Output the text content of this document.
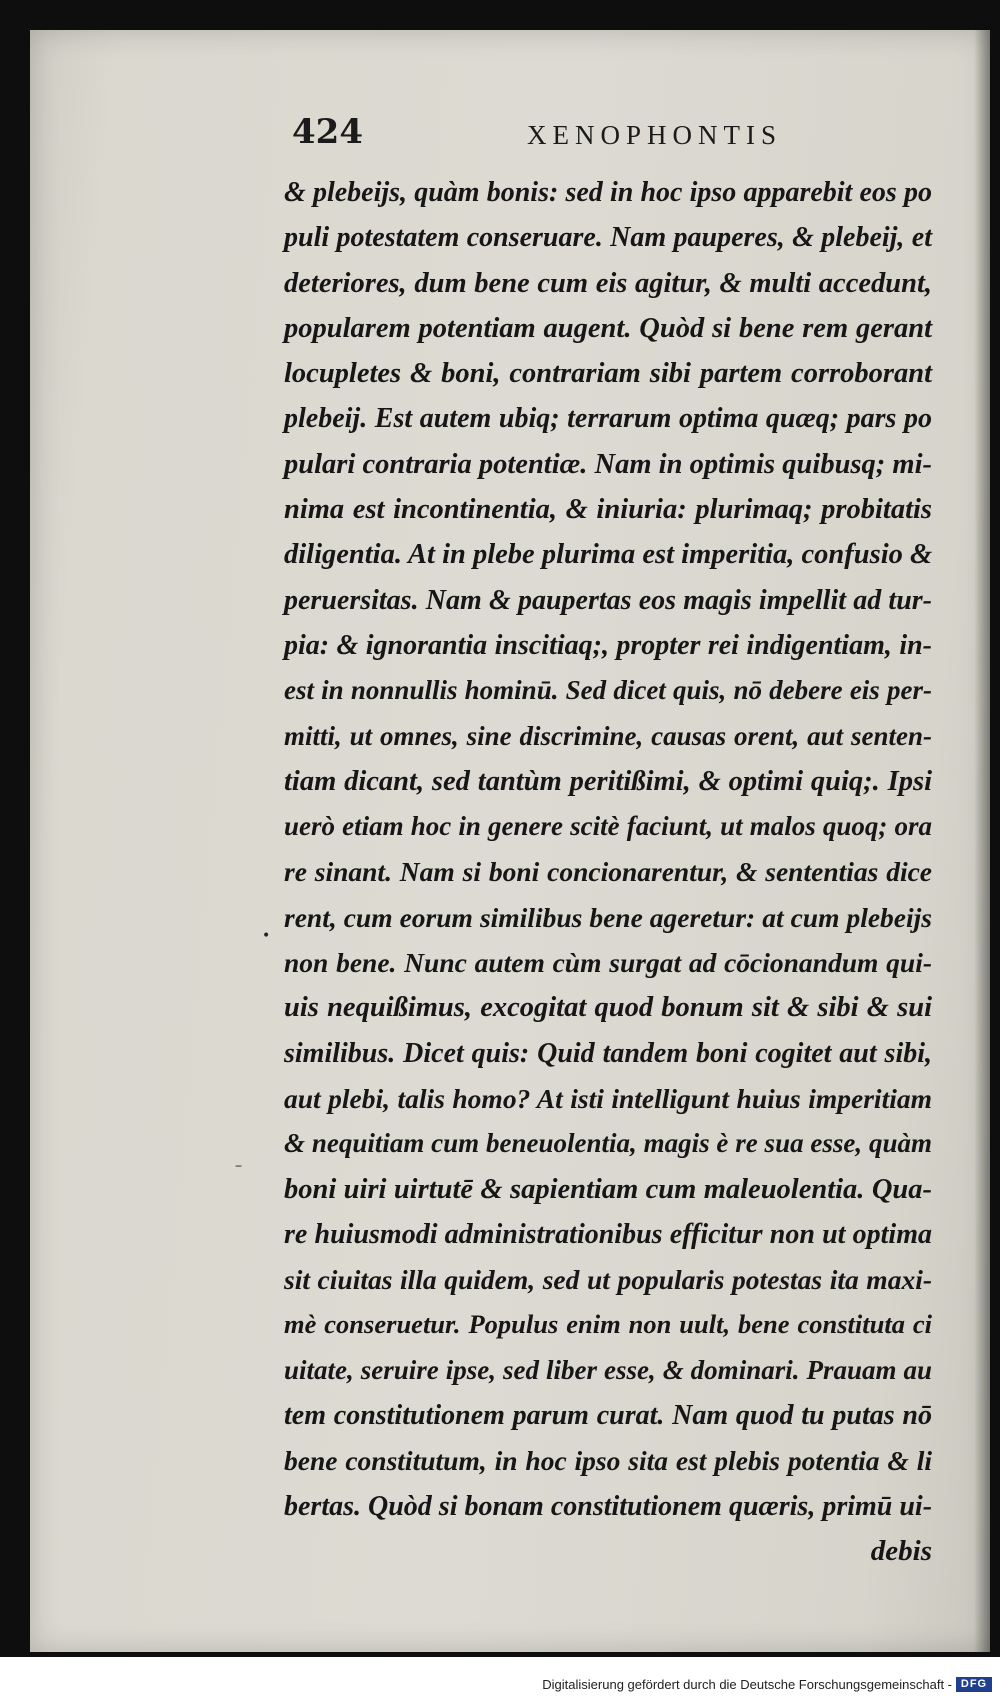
424	XENOPHONTIS
& plebeijs, quàm bonis: sed in hoc ipso apparebit eos po
puli potestatem conseruare. Nam pauperes, & plebeij, et
deteriores, dum bene cum eis agitur, & multi accedunt,
popularem potentiam augent. Quòd si bene rem gerant
locupletes & boni, contrariam sibi partem corroborant
plebeij. Est autem ubiq; terrarum optima quæq; pars po
pulari contraria potentiæ. Nam in optimis quibusq; mi-
nima est incontinentia, & iniuria: plurimaq; probitatis
diligentia. At in plebe plurima est imperitia, confusio &
peruersitas. Nam & paupertas eos magis impellit ad tur-
pia: & ignorantia inscitiaq;, propter rei indigentiam, in-
est in nonnullis hominū. Sed dicet quis, nō debere eis per-
mitti, ut omnes, sine discrimine, causas orent, aut senten-
tiam dicant, sed tantùm peritißimi, & optimi quiq;. Ipsi
uerò etiam hoc in genere scitè faciunt, ut malos quoq; ora
re sinant. Nam si boni concionarentur, & sententias dice
rent, cum eorum similibus bene ageretur: at cum plebeijs
non bene. Nunc autem cùm surgat ad cōcionandum qui-
uis nequißimus, excogitat quod bonum sit & sibi & sui
similibus. Dicet quis: Quid tandem boni cogitet aut sibi,
aut plebi, talis homo? At isti intelligunt huius imperitiam
& nequitiam cum beneuolentia, magis è re sua esse, quàm
boni uiri uirtutē & sapientiam cum maleuolentia. Qua-
re huiusmodi administrationibus efficitur non ut optima
sit ciuitas illa quidem, sed ut popularis potestas ita maxi-
mè conseruetur. Populus enim non uult, bene constituta ci
uitate, seruire ipse, sed liber esse, & dominari. Prauam au
tem constitutionem parum curat. Nam quod tu putas nō
bene constitutum, in hoc ipso sita est plebis potentia & li
bertas. Quòd si bonam constitutionem quæris, primū ui-
debis
•
–
Digitalisierung gefördert durch die Deutsche Forschungsgemeinschaft - DFG
